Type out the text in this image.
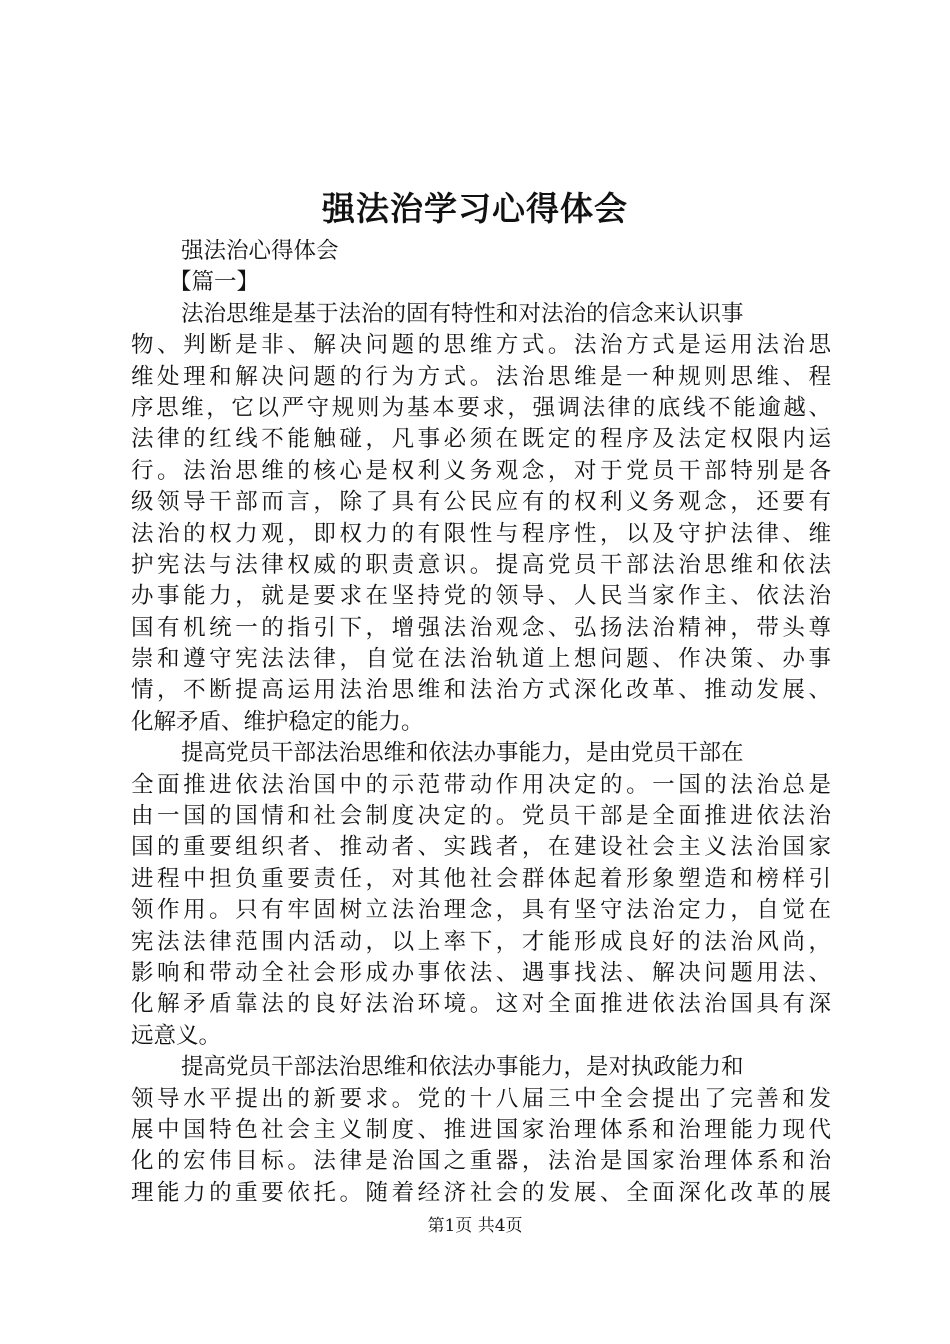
强法治学习心得体会
强法治心得体会
【篇一】
法治思维是基于法治的固有特性和对法治的信念来认识事
物、判断是非、解决问题的思维方式。法治方式是运用法治思
维处理和解决问题的行为方式。法治思维是一种规则思维、程
序思维，它以严守规则为基本要求，强调法律的底线不能逾越、
法律的红线不能触碰，凡事必须在既定的程序及法定权限内运
行。法治思维的核心是权利义务观念，对于党员干部特别是各
级领导干部而言，除了具有公民应有的权利义务观念，还要有
法治的权力观，即权力的有限性与程序性，以及守护法律、维
护宪法与法律权威的职责意识。提高党员干部法治思维和依法
办事能力，就是要求在坚持党的领导、人民当家作主、依法治
国有机统一的指引下，增强法治观念、弘扬法治精神，带头尊
崇和遵守宪法法律，自觉在法治轨道上想问题、作决策、办事
情，不断提高运用法治思维和法治方式深化改革、推动发展、
化解矛盾、维护稳定的能力。
提高党员干部法治思维和依法办事能力，是由党员干部在
全面推进依法治国中的示范带动作用决定的。一国的法治总是
由一国的国情和社会制度决定的。党员干部是全面推进依法治
国的重要组织者、推动者、实践者，在建设社会主义法治国家
进程中担负重要责任，对其他社会群体起着形象塑造和榜样引
领作用。只有牢固树立法治理念，具有坚守法治定力，自觉在
宪法法律范围内活动，以上率下，才能形成良好的法治风尚，
影响和带动全社会形成办事依法、遇事找法、解决问题用法、
化解矛盾靠法的良好法治环境。这对全面推进依法治国具有深
远意义。
提高党员干部法治思维和依法办事能力，是对执政能力和
领导水平提出的新要求。党的十八届三中全会提出了完善和发
展中国特色社会主义制度、推进国家治理体系和治理能力现代
化的宏伟目标。法律是治国之重器，法治是国家治理体系和治
理能力的重要依托。随着经济社会的发展、全面深化改革的展
第1页 共4页
